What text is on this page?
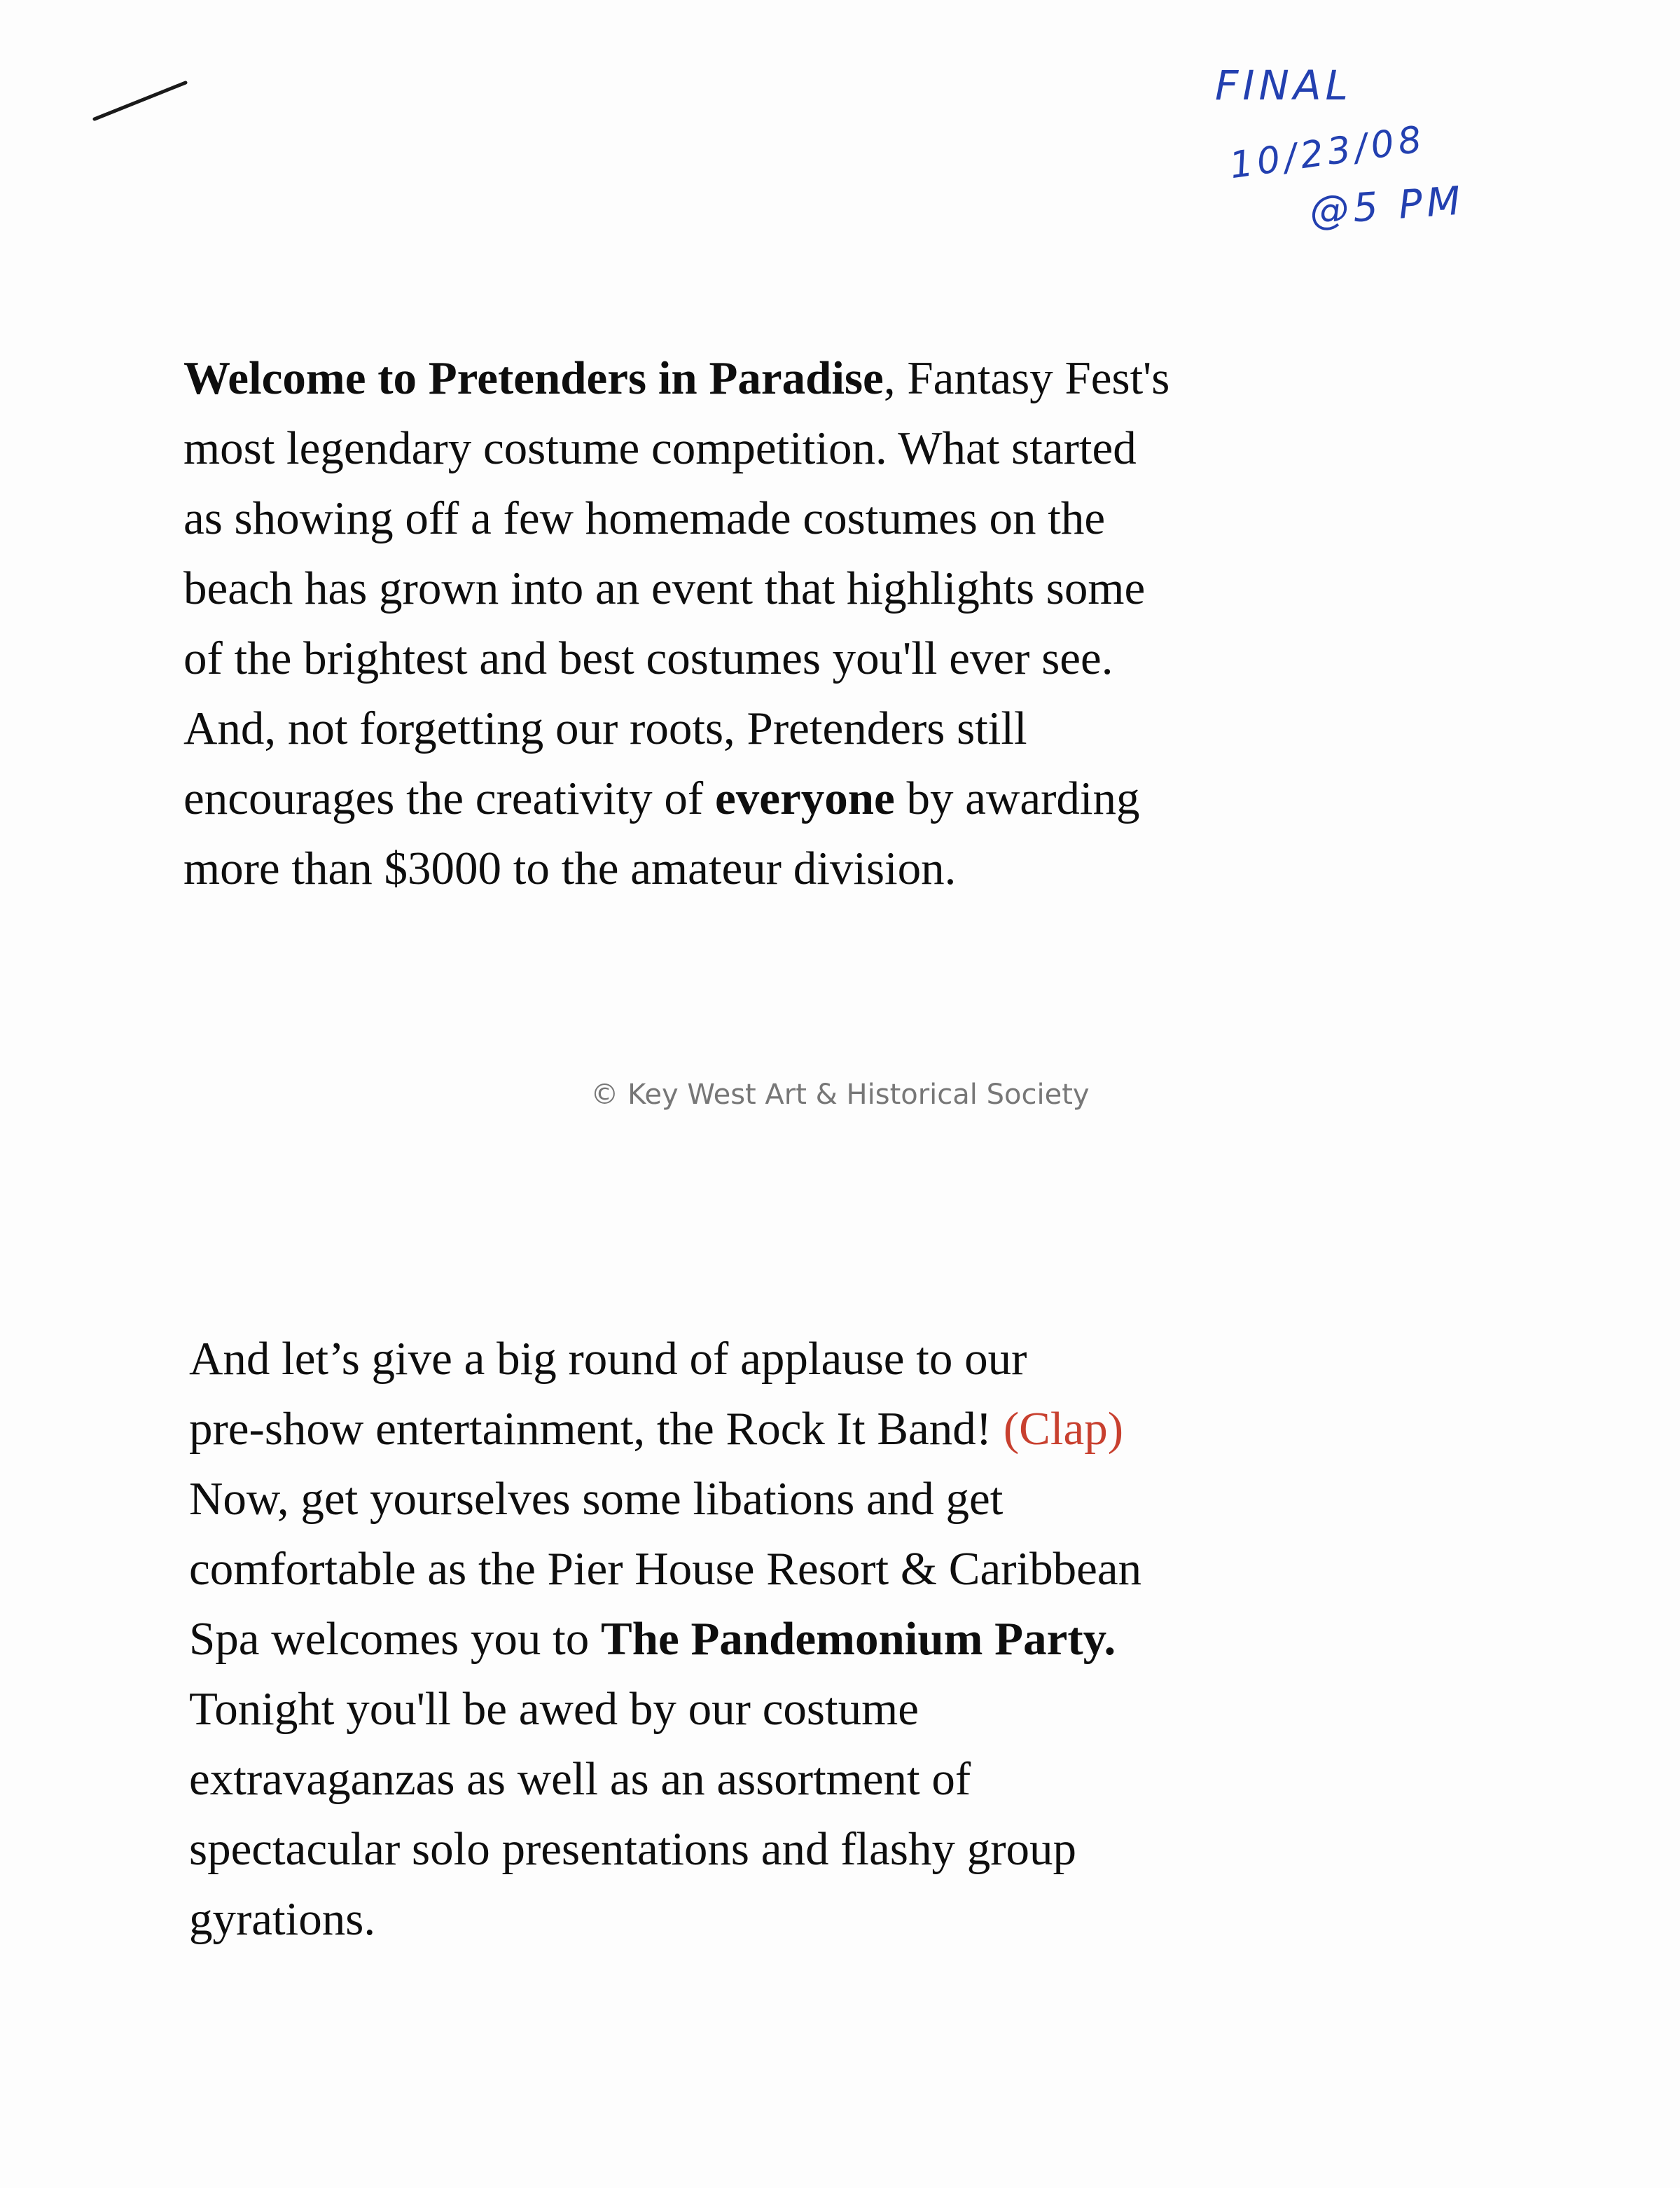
FINAL
10/23/08
@5 PM

Welcome to Pretenders in Paradise, Fantasy Fest's
most legendary costume competition. What started
as showing off a few homemade costumes on the
beach has grown into an event that highlights some
of the brightest and best costumes you'll ever see.
And, not forgetting our roots, Pretenders still
encourages the creativity of everyone by awarding
more than $3000 to the amateur division.

© Key West Art & Historical Society

And let’s give a big round of applause to our
pre-show entertainment, the Rock It Band! (Clap)
Now, get yourselves some libations and get
comfortable as the Pier House Resort & Caribbean
Spa welcomes you to The Pandemonium Party.
Tonight you'll be awed by our costume
extravaganzas as well as an assortment of
spectacular solo presentations and flashy group
gyrations.
